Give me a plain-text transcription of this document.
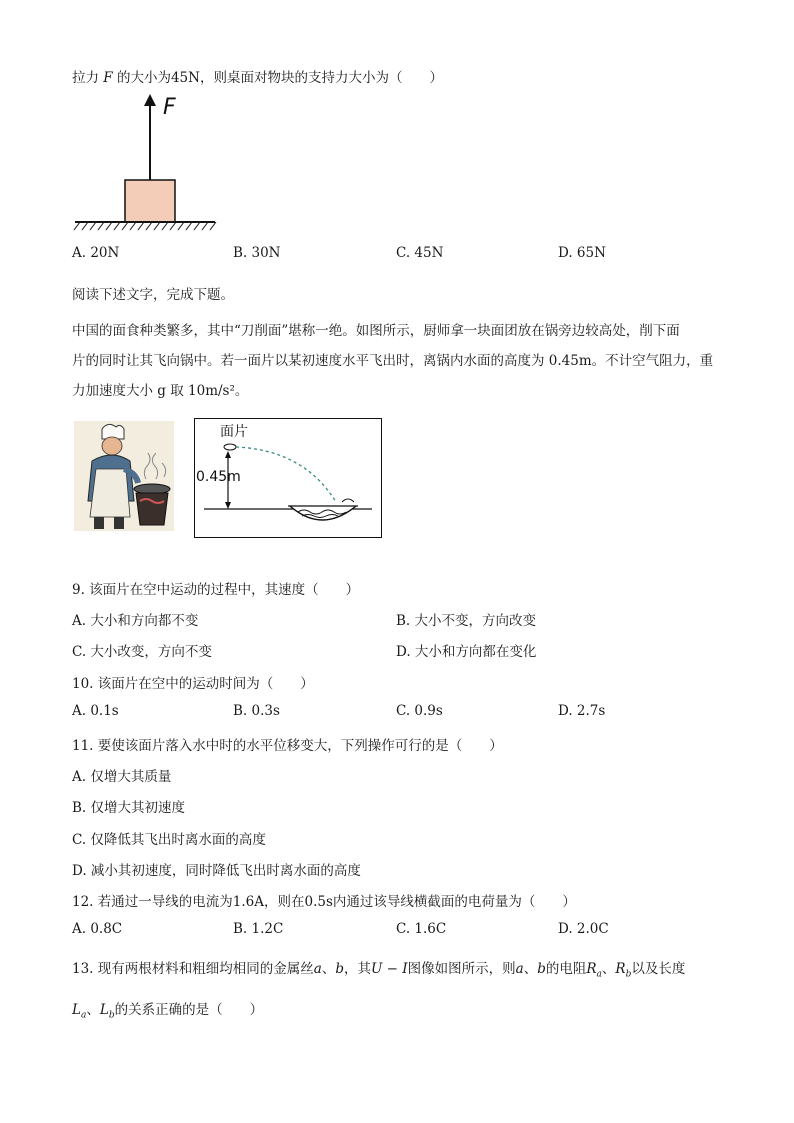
拉力 F 的大小为45N，则桌面对物块的支持力大小为（　　）
F
A. 20N	B. 30N	C. 45N	D. 65N
阅读下述文字，完成下题。
中国的面食种类繁多，其中“刀削面”堪称一绝。如图所示，厨师拿一块面团放在锅旁边较高处，削下面
片的同时让其飞向锅中。若一面片以某初速度水平飞出时，离锅内水面的高度为 0.45m。不计空气阻力，重
力加速度大小 g 取 10m/s²。
面片
0.45m
9. 该面片在空中运动的过程中，其速度（　　）
A. 大小和方向都不变	B. 大小不变，方向改变
C. 大小改变，方向不变	D. 大小和方向都在变化
10. 该面片在空中的运动时间为（　　）
A. 0.1s	B. 0.3s	C. 0.9s	D. 2.7s
11. 要使该面片落入水中时的水平位移变大，下列操作可行的是（　　）
A. 仅增大其质量
B. 仅增大其初速度
C. 仅降低其飞出时离水面的高度
D. 减小其初速度，同时降低飞出时离水面的高度
12. 若通过一导线的电流为1.6A，则在0.5s内通过该导线横截面的电荷量为（　　）
A. 0.8C	B. 1.2C	C. 1.6C	D. 2.0C
13. 现有两根材料和粗细均相同的金属丝a、b，其U − I图像如图所示，则a、b的电阻$R_a$、$R_b$以及长度
$L_a$、$L_b$的关系正确的是（　　）
